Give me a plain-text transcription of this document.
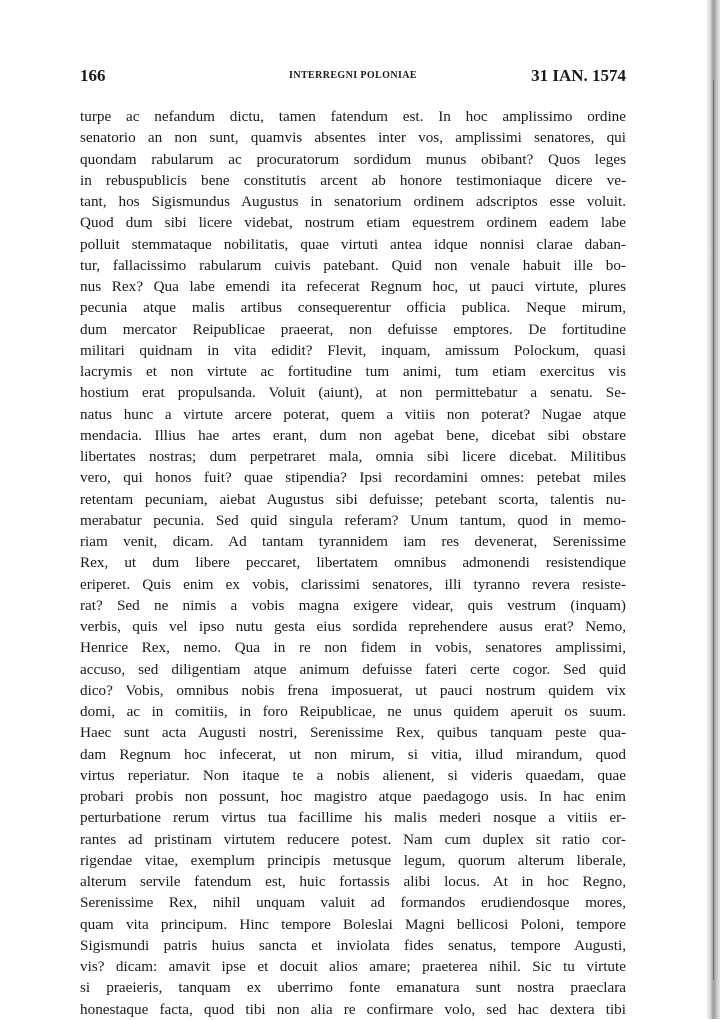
166	INTERREGNI POLONIAE	31 IAN. 1574
turpe ac nefandum dictu, tamen fatendum est. In hoc amplissimo ordine
senatorio an non sunt, quamvis absentes inter vos, amplissimi senatores, qui
quondam rabularum ac procuratorum sordidum munus obibant? Quos leges
in rebuspublicis bene constitutis arcent ab honore testimoniaque dicere ve-
tant, hos Sigismundus Augustus in senatorium ordinem adscriptos esse voluit.
Quod dum sibi licere videbat, nostrum etiam equestrem ordinem eadem labe
polluit stemmataque nobilitatis, quae virtuti antea idque nonnisi clarae daban-
tur, fallacissimo rabularum cuivis patebant. Quid non venale habuit ille bo-
nus Rex? Qua labe emendi ita refecerat Regnum hoc, ut pauci virtute, plures
pecunia atque malis artibus consequerentur officia publica. Neque mirum,
dum mercator Reipublicae praeerat, non defuisse emptores. De fortitudine
militari quidnam in vita edidit? Flevit, inquam, amissum Polockum, quasi
lacrymis et non virtute ac fortitudine tum animi, tum etiam exercitus vis
hostium erat propulsanda. Voluit (aiunt), at non permittebatur a senatu. Se-
natus hunc a virtute arcere poterat, quem a vitiis non poterat? Nugae atque
mendacia. Illius hae artes erant, dum non agebat bene, dicebat sibi obstare
libertates nostras; dum perpetraret mala, omnia sibi licere dicebat. Militibus
vero, qui honos fuit? quae stipendia? Ipsi recordamini omnes: petebat miles
retentam pecuniam, aiebat Augustus sibi defuisse; petebant scorta, talentis nu-
merabatur pecunia. Sed quid singula referam? Unum tantum, quod in memo-
riam venit, dicam. Ad tantam tyrannidem iam res devenerat, Serenissime
Rex, ut dum libere peccaret, libertatem omnibus admonendi resistendique
eriperet. Quis enim ex vobis, clarissimi senatores, illi tyranno revera resiste-
rat? Sed ne nimis a vobis magna exigere videar, quis vestrum (inquam)
verbis, quis vel ipso nutu gesta eius sordida reprehendere ausus erat? Nemo,
Henrice Rex, nemo. Qua in re non fidem in vobis, senatores amplissimi,
accuso, sed diligentiam atque animum defuisse fateri certe cogor. Sed quid
dico? Vobis, omnibus nobis frena imposuerat, ut pauci nostrum quidem vix
domi, ac in comitiis, in foro Reipublicae, ne unus quidem aperuit os suum.
Haec sunt acta Augusti nostri, Serenissime Rex, quibus tanquam peste qua-
dam Regnum hoc infecerat, ut non mirum, si vitia, illud mirandum, quod
virtus reperiatur. Non itaque te a nobis alienent, si videris quaedam, quae
probari probis non possunt, hoc magistro atque paedagogo usis. In hac enim
perturbatione rerum virtus tua facillime his malis mederi nosque a vitiis er-
rantes ad pristinam virtutem reducere potest. Nam cum duplex sit ratio cor-
rigendae vitae, exemplum principis metusque legum, quorum alterum liberale,
alterum servile fatendum est, huic fortassis alibi locus. At in hoc Regno,
Serenissime Rex, nihil unquam valuit ad formandos erudiendosque mores,
quam vita principum. Hinc tempore Boleslai Magni bellicosi Poloni, tempore
Sigismundi patris huius sancta et inviolata fides senatus, tempore Augusti,
vis? dicam: amavit ipse et docuit alios amare; praeterea nihil. Sic tu virtute
si praeieris, tanquam ex uberrimo fonte emanatura sunt nostra praeclara
honestaque facta, quod tibi non alia re confirmare volo, sed hac dextera tibi
